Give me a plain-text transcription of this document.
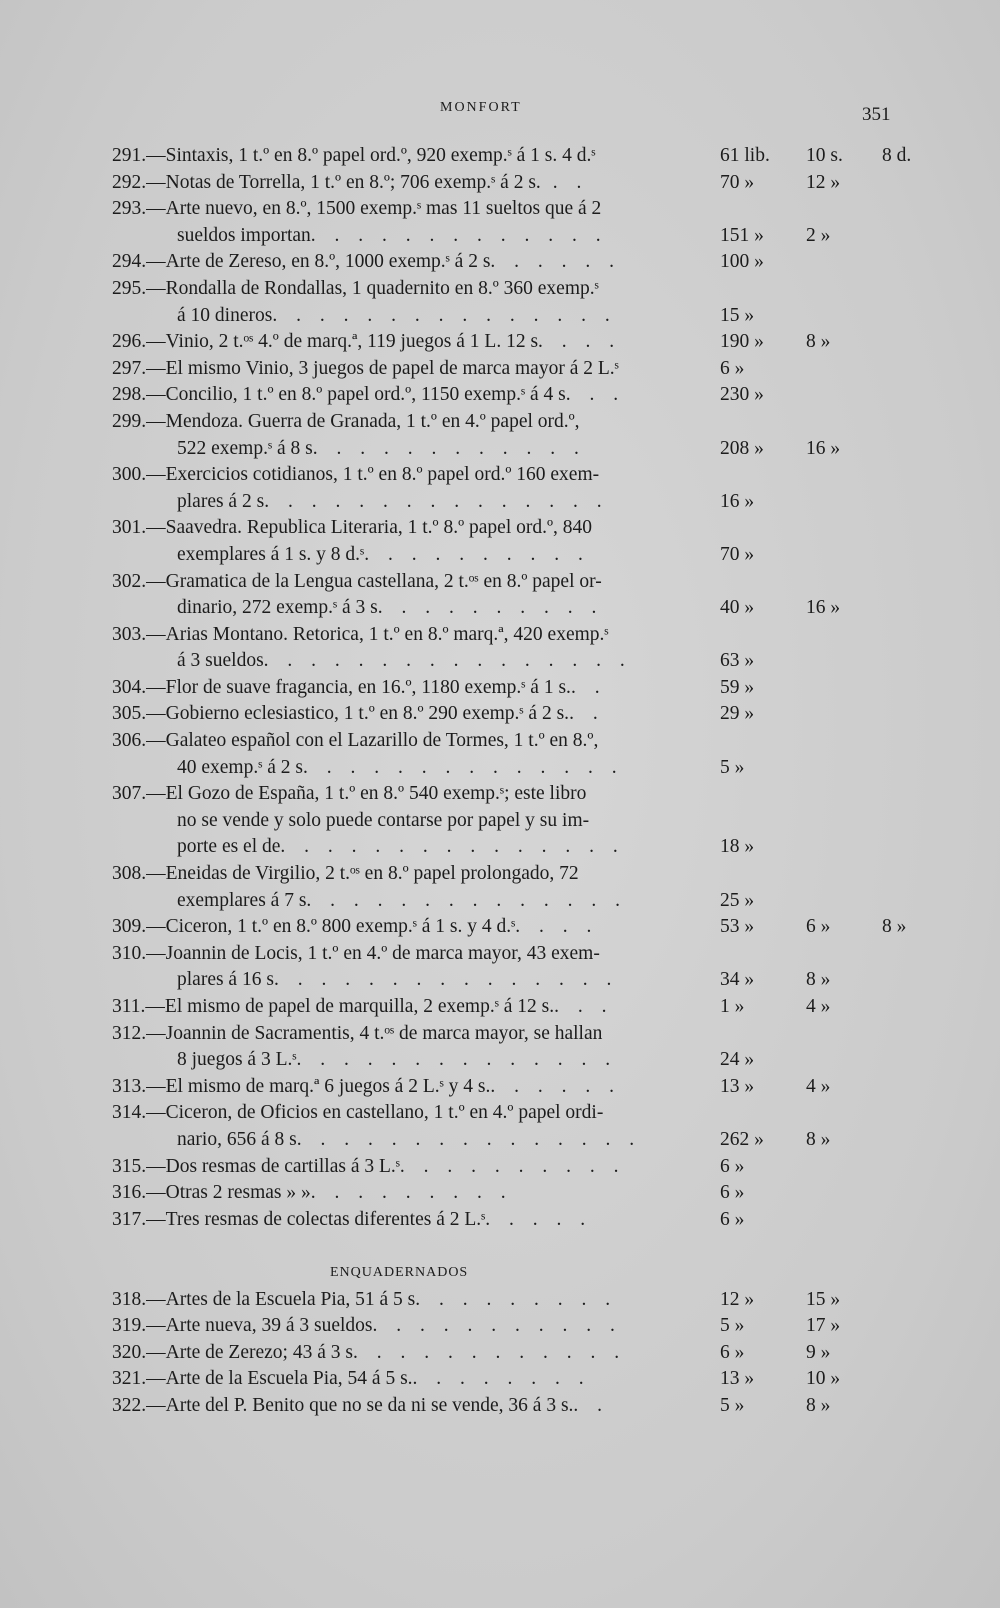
MONFORT	351
291.—Sintaxis, 1 t.º en 8.º papel ord.º, 920 exemp.ˢ á 1 s. 4 d.ˢ	61 lib.	10 s.	8 d.
292.—Notas de Torrella, 1 t.º en 8.º; 706 exemp.ˢ á 2 s. . .	70 »	12 »
293.—Arte nuevo, en 8.º, 1500 exemp.ˢ mas 11 sueltos que á 2
sueldos importan. . . . . . . . . . . . .	151 »	2 »
294.—Arte de Zereso, en 8.º, 1000 exemp.ˢ á 2 s. . . . . .	100 »
295.—Rondalla de Rondallas, 1 quadernito en 8.º 360 exemp.ˢ
á 10 dineros. . . . . . . . . . . . . . .	15 »
296.—Vinio, 2 t.ᵒˢ 4.º de marq.ª, 119 juegos á 1 L. 12 s. . . .	190 »	8 »
297.—El mismo Vinio, 3 juegos de papel de marca mayor á 2 L.ˢ	6 »
298.—Concilio, 1 t.º en 8.º papel ord.º, 1150 exemp.ˢ á 4 s. . .	230 »
299.—Mendoza. Guerra de Granada, 1 t.º en 4.º papel ord.º,
522 exemp.ˢ á 8 s. . . . . . . . . . . .	208 »	16 »
300.—Exercicios cotidianos, 1 t.º en 8.º papel ord.º 160 exem-
plares á 2 s. . . . . . . . . . . . . . .	16 »
301.—Saavedra. Republica Literaria, 1 t.º 8.º papel ord.º, 840
exemplares á 1 s. y 8 d.ˢ. . . . . . . . . .	70 »
302.—Gramatica de la Lengua castellana, 2 t.ᵒˢ en 8.º papel or-
dinario, 272 exemp.ˢ á 3 s. . . . . . . . . .	40 »	16 »
303.—Arias Montano. Retorica, 1 t.º en 8.º marq.ª, 420 exemp.ˢ
á 3 sueldos. . . . . . . . . . . . . . . .	63 »
304.—Flor de suave fragancia, en 16.º, 1180 exemp.ˢ á 1 s.. .	59 »
305.—Gobierno eclesiastico, 1 t.º en 8.º 290 exemp.ˢ á 2 s.. .	29 »
306.—Galateo español con el Lazarillo de Tormes, 1 t.º en 8.º,
40 exemp.ˢ á 2 s. . . . . . . . . . . . . .	5 »
307.—El Gozo de España, 1 t.º en 8.º 540 exemp.ˢ; este libro
no se vende y solo puede contarse por papel y su im-
porte es el de. . . . . . . . . . . . . . .	18 »
308.—Eneidas de Virgilio, 2 t.ᵒˢ en 8.º papel prolongado, 72
exemplares á 7 s. . . . . . . . . . . . . .	25 »
309.—Ciceron, 1 t.º en 8.º 800 exemp.ˢ á 1 s. y 4 d.ˢ. . . .	53 »	6 »	8 »
310.—Joannin de Locis, 1 t.º en 4.º de marca mayor, 43 exem-
plares á 16 s. . . . . . . . . . . . . . .	34 »	8 »
311.—El mismo de papel de marquilla, 2 exemp.ˢ á 12 s.. . .	1 »	4 »
312.—Joannin de Sacramentis, 4 t.ᵒˢ de marca mayor, se hallan
8 juegos á 3 L.ˢ. . . . . . . . . . . . . .	24 »
313.—El mismo de marq.ª 6 juegos á 2 L.ˢ y 4 s.. . . . . .	13 »	4 »
314.—Ciceron, de Oficios en castellano, 1 t.º en 4.º papel ordi-
nario, 656 á 8 s. . . . . . . . . . . . . . .	262 »	8 »
315.—Dos resmas de cartillas á 3 L.ˢ. . . . . . . . . .	6 »
316.—Otras 2 resmas » ». . . . . . . . .	6 »
317.—Tres resmas de colectas diferentes á 2 L.ˢ. . . . .	6 »
ENQUADERNADOS
318.—Artes de la Escuela Pia, 51 á 5 s. . . . . . . . .	12 »	15 »
319.—Arte nueva, 39 á 3 sueldos. . . . . . . . . . .	5 »	17 »
320.—Arte de Zerezo; 43 á 3 s. . . . . . . . . . . .	6 »	9 »
321.—Arte de la Escuela Pia, 54 á 5 s.. . . . . . . .	13 »	10 »
322.—Arte del P. Benito que no se da ni se vende, 36 á 3 s.. .	5 »	8 »
